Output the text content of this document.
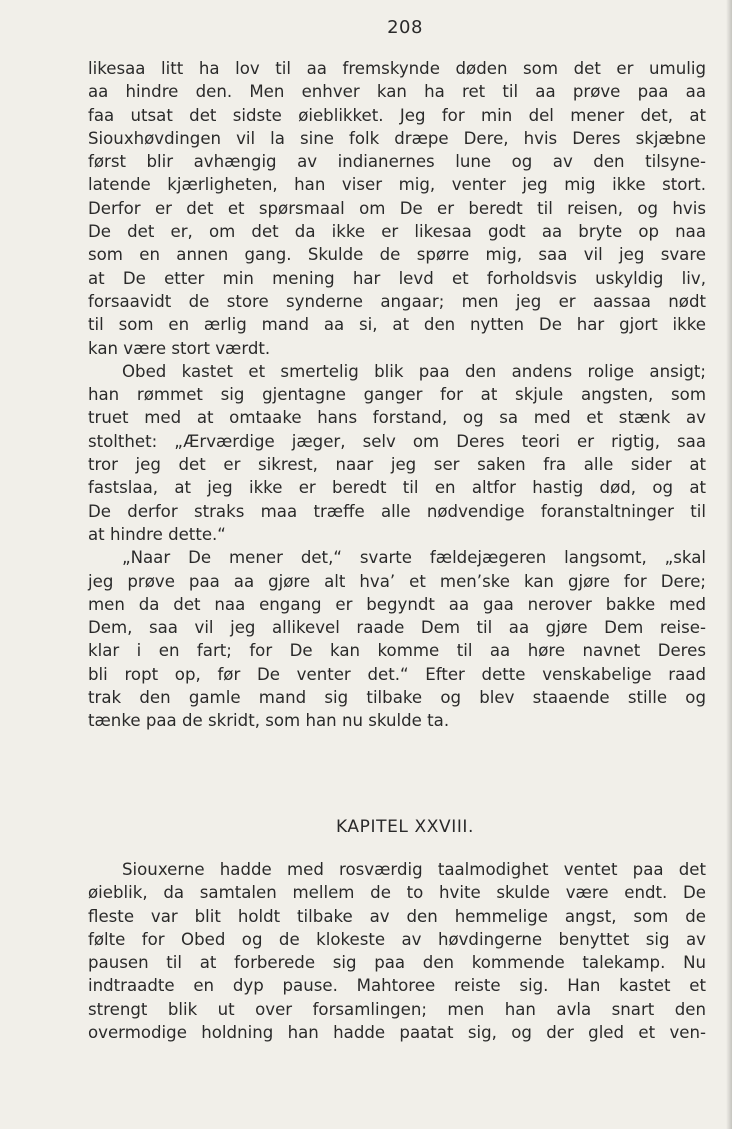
208
likesaa litt ha lov til aa fremskynde døden som det er umulig
aa hindre den. Men enhver kan ha ret til aa prøve paa aa
faa utsat det sidste øieblikket. Jeg for min del mener det, at
Siouxhøvdingen vil la sine folk dræpe Dere, hvis Deres skjæbne
først blir avhængig av indianernes lune og av den tilsyne-
latende kjærligheten, han viser mig, venter jeg mig ikke stort.
Derfor er det et spørsmaal om De er beredt til reisen, og hvis
De det er, om det da ikke er likesaa godt aa bryte op naa
som en annen gang. Skulde de spørre mig, saa vil jeg svare
at De etter min mening har levd et forholdsvis uskyldig liv,
forsaavidt de store synderne angaar; men jeg er aassaa nødt
til som en ærlig mand aa si, at den nytten De har gjort ikke
kan være stort værdt.
Obed kastet et smertelig blik paa den andens rolige ansigt;
han rømmet sig gjentagne ganger for at skjule angsten, som
truet med at omtaake hans forstand, og sa med et stænk av
stolthet: „Ærværdige jæger, selv om Deres teori er rigtig, saa
tror jeg det er sikrest, naar jeg ser saken fra alle sider at
fastslaa, at jeg ikke er beredt til en altfor hastig død, og at
De derfor straks maa træffe alle nødvendige foranstaltninger til
at hindre dette.“
„Naar De mener det,“ svarte fældejægeren langsomt, „skal
jeg prøve paa aa gjøre alt hva’ et men’ske kan gjøre for Dere;
men da det naa engang er begyndt aa gaa nerover bakke med
Dem, saa vil jeg allikevel raade Dem til aa gjøre Dem reise-
klar i en fart; for De kan komme til aa høre navnet Deres
bli ropt op, før De venter det.“ Efter dette venskabelige raad
trak den gamle mand sig tilbake og blev staaende stille og
tænke paa de skridt, som han nu skulde ta.
KAPITEL XXVIII.
Siouxerne hadde med rosværdig taalmodighet ventet paa det
øieblik, da samtalen mellem de to hvite skulde være endt. De
fleste var blit holdt tilbake av den hemmelige angst, som de
følte for Obed og de klokeste av høvdingerne benyttet sig av
pausen til at forberede sig paa den kommende talekamp. Nu
indtraadte en dyp pause. Mahtoree reiste sig. Han kastet et
strengt blik ut over forsamlingen; men han avla snart den
overmodige holdning han hadde paatat sig, og der gled et ven-
